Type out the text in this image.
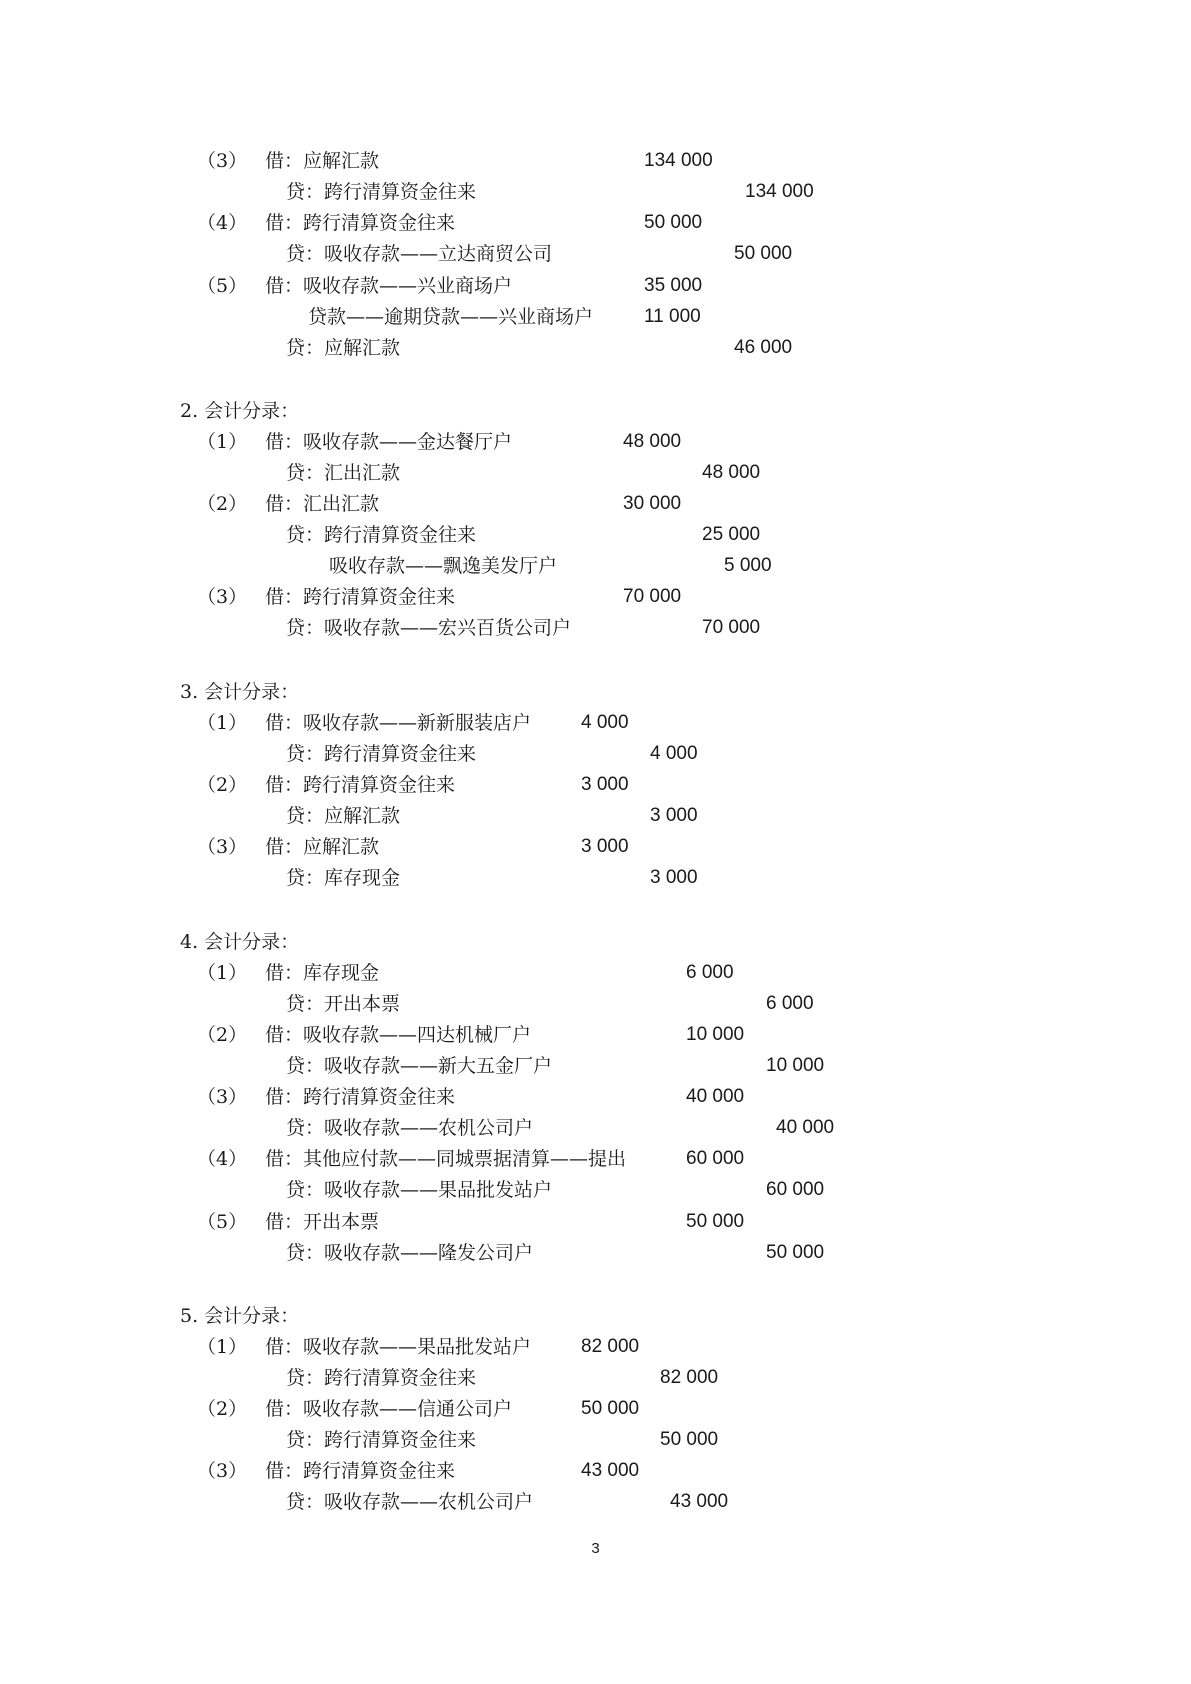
（3） 借：应解汇款	134 000
贷：跨行清算资金往来	134 000
（4） 借：跨行清算资金往来	50 000
贷：吸收存款——立达商贸公司	50 000
（5） 借：吸收存款——兴业商场户	35 000
贷款——逾期贷款——兴业商场户	11 000
贷：应解汇款	46 000
2. 会计分录：
（1） 借：吸收存款——金达餐厅户	48 000
贷：汇出汇款	48 000
（2） 借：汇出汇款	30 000
贷：跨行清算资金往来	25 000
吸收存款——飘逸美发厅户	5 000
（3） 借：跨行清算资金往来	70 000
贷：吸收存款——宏兴百货公司户	70 000
3. 会计分录：
（1） 借：吸收存款——新新服装店户	4 000
贷：跨行清算资金往来	4 000
（2） 借：跨行清算资金往来	3 000
贷：应解汇款	3 000
（3） 借：应解汇款	3 000
贷：库存现金	3 000
4. 会计分录：
（1） 借：库存现金	6 000
贷：开出本票	6 000
（2） 借：吸收存款——四达机械厂户	10 000
贷：吸收存款——新大五金厂户	10 000
（3） 借：跨行清算资金往来	40 000
贷：吸收存款——农机公司户	40 000
（4） 借：其他应付款——同城票据清算——提出	60 000
贷：吸收存款——果品批发站户	60 000
（5） 借：开出本票	50 000
贷：吸收存款——隆发公司户	50 000
5. 会计分录：
（1） 借：吸收存款——果品批发站户	82 000
贷：跨行清算资金往来	82 000
（2） 借：吸收存款——信通公司户	50 000
贷：跨行清算资金往来	50 000
（3） 借：跨行清算资金往来	43 000
贷：吸收存款——农机公司户	43 000
3
